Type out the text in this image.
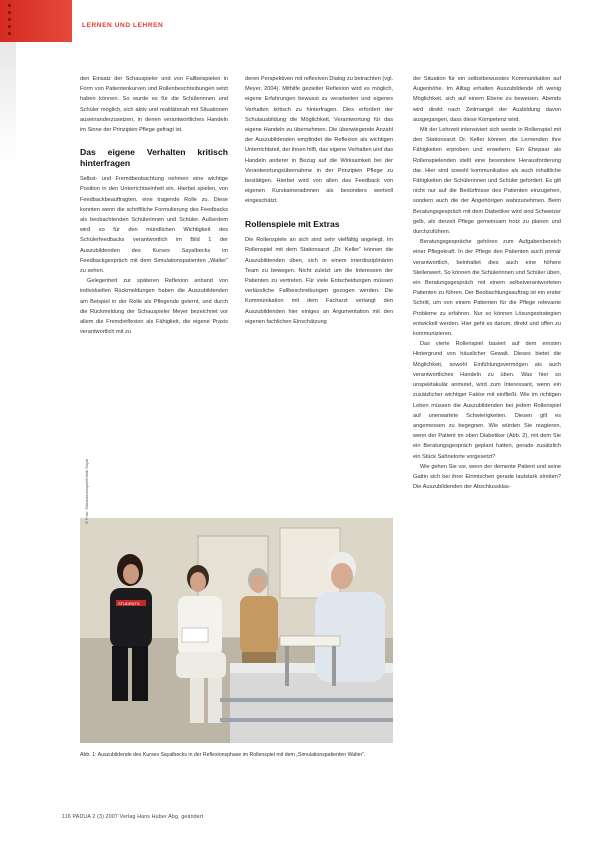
LERNEN UND LEHREN

den Einsatz der Schauspieler und von Fallbeispielen in Form von Patientenkurven und Rollenbeschreibungen setzt haben können. So wurde es für die Schülerinnen und Schüler möglich, sich aktiv und realitätsnah mit Situationen auseinanderzusetzen, in denen verantwortliches Handeln im Sinne der Prinzipien Pflege gefragt ist.

Das eigene Verhalten kritisch hinterfragen

Selbst- und Fremdbeobachtung nehmen eine wichtige Position in den Unterrichtseinheit ein. Hierbei spielen, von Feedbackbeauftragten, eine tragende Rolle zu. Diese konnten wenn die schriftliche Formulierung des Feedbacks als beobachtenden Schülerinnen und Schüler. Außerdem wird so für den mündlichen Wichtigkeit des Schülerfeedbacks verantwortlich im Bild 1 der Auszubildenden des Kurses Sayalbecks im Feedbackgespräch mit dem Simulationspatienten „Walter“ zu sehen.

Gelegenheit zur späteren Reflexion anhand von individuellen Rückmeldungen haben die Auszubildenden am Beispiel in der Rolle als Pflegende gelernt, und durch die Rückmeldung der Schauspieler Meyer bezeichnet vor allem die Fremdreflexion als Fähigkeit, die eigene Praxis verantwortlich mit zu

deren Perspektiven mit reflexiven Dialog zu betrachten (vgl. Meyer, 2004). Mithilfe gezielter Reflexion wird es möglich, eigene Erfahrungen bewusst zu verarbeiten und eigenes Verhalten kritisch zu hinterfragen. Dies erfordert der Schulausbildung die Möglichkeit, Verantwortung für das eigene Handeln zu übernehmen. Die überwiegende Anzahl der Auszubildenden empfindet die Reflexion als wichtigen Unterrichtsteil, der ihnen hilft, das eigene Verhalten und das Handeln anderer in Bezug auf die Wirksamkeit bei der Verantwortungsübernahme in der Prinzipien Pflege zu bestätigen. Hierbei wird von allen das Feedback von eigenen Kurskameradinnen als besonders wertvoll eingeschätzt.

Rollenspiele mit Extras

Die Rollenspiele an sich sind sehr vielfältig angelegt. Im Rollenspiel mit dem Stationsarzt „Dr. Keller“ können die Auszubildenden üben, sich in einem interdisziplinären Team zu bewegen. Nicht zuletzt um die Interessen der Patienten zu vertreten. Für viele Entscheidungen müssen verlässliche Fallbeschreibungen gezogen werden. Die Kommunikation mit dem Facharzt verlangt den Auszubildenden hier einiges an Argumentation mit den eigenen fachlichen Einschätzung

der Situation für ein selbstbewusstes Kommunikation auf Augenhöhe. Im Alltag erhalten Auszubildende oft wenig Möglichkeit, sich auf einem Ebene zu beweisen. Abends wird direkt nach Zeitmangel der Ausbildung davon ausgegangen, dass diese Kompetenz wird.

Mit der Lehrzeit intensiviert sich werde in Rollenspiel mit den Stationsarzt Dr. Keller können die Lernenden ihre Fähigkeiten erproben und erweitern. Ein Ehepaar als Rollenspielenden stellt eine besondere Herausforderung dar. Hier sind sowohl kommunikative als auch inhaltliche Fähigkeiten der Schülerinnen und Schüler gefordert. Es gilt nicht nur auf die Bedürfnisse des Patienten einzugehen, sondern auch die der Angehörigen wahrzunehmen. Beim Beratungsgespräch mit dem Diabetiker wird sind Schweizer gelb, als derzeit Pflege gemeinsam trotz zu planen und durchzuführen.

Beratungsgespräche gehören zum Aufgabenbereich einer Pflegekraft. In der Pflege den Patienten auch primär verantwortlich, beinhaltet dies auch eine höhere Stellenwert. So können die Schülerinnen und Schüler üben, ein Beratungsgespräch mit einem selbstverantworteten Patienten zu führen. Der Beobachtungsauftrag ist ein erster Schritt, um von einem Patienten für die Pflege relevante Probleme zu erfahren. Nur so können Lösungsstrategien entwickelt werden. Hier geht es darum, direkt und offen zu kommunizieren.

Das vierte Rollenspiel basiert auf dem ernsten Hintergrund von häuslicher Gewalt. Dieses bietet die Möglichkeit, sowohl Einfühlungsvermögen als auch verantwortliches Handeln zu üben. Was hier so unspektakulär anmutet, wird zum Interessant, wenn ein zusätzlicher wichtiger Faktor mit einfließt. Wie im richtigen Leben müssen die Auszubildenden bei jedem Rollenspiel auf unerwartete Schwierigkeiten. Diesen gilt es angemessen zu begegnen. Wie würden Sie reagieren, wenn der Patient im oben Diabetiker (Abb. 2), mit dem Sie ein Beratungsgespräch geplant hatten, gerade zusätzlich ein Stück Sahnetorte vorgesetzt?

Wie gehen Sie vor, wenn der demente Patient und seine Gattin sich bei ihrer Einmischen gerade lautstark streiten? Die Auszubildenden der Abschlussklas-

STUDENTS
© Foto: Simulationsspiel/Klinik Sayal
Abb. 1: Auszubildende des Kurses Sayalbecks in der Reflexionsphase im Rollenspiel mit dem „Simulationspatienten Walter“.
116 PADUA 2 (3) 2007 Verlag Hans Huber Abg. geändert
